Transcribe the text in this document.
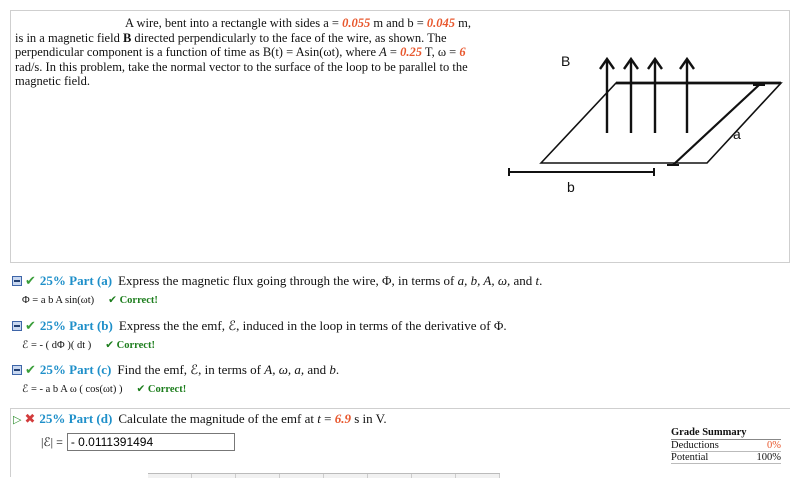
A wire, bent into a rectangle with sides a = 0.055 m and b = 0.045 m,
is in a magnetic field B directed perpendicularly to the face of the wire, as shown. The
perpendicular component is a function of time as B(t) = Asin(ωt), where A = 0.25 T, ω = 6
rad/s. In this problem, take the normal vector to the surface of the loop to be parallel to the
magnetic field.
B
a
b
✔ 25% Part (a) Express the magnetic flux going through the wire, Φ, in terms of a, b, A, ω, and t.
Φ = a b A sin(ωt) ✔ Correct!
✔ 25% Part (b) Express the the emf, ℰ, induced in the loop in terms of the derivative of Φ.
ℰ = - ( dΦ )( dt ) ✔ Correct!
✔ 25% Part (c) Find the emf, ℰ, in terms of A, ω, a, and b.
ℰ = - a b A ω ( cos(ωt) ) ✔ Correct!
▷ ✖ 25% Part (d) Calculate the magnitude of the emf at t = 6.9 s in V.
|ℰ| =
- 0.0111391494
Grade Summary
Deductions	0%
Potential	100%
